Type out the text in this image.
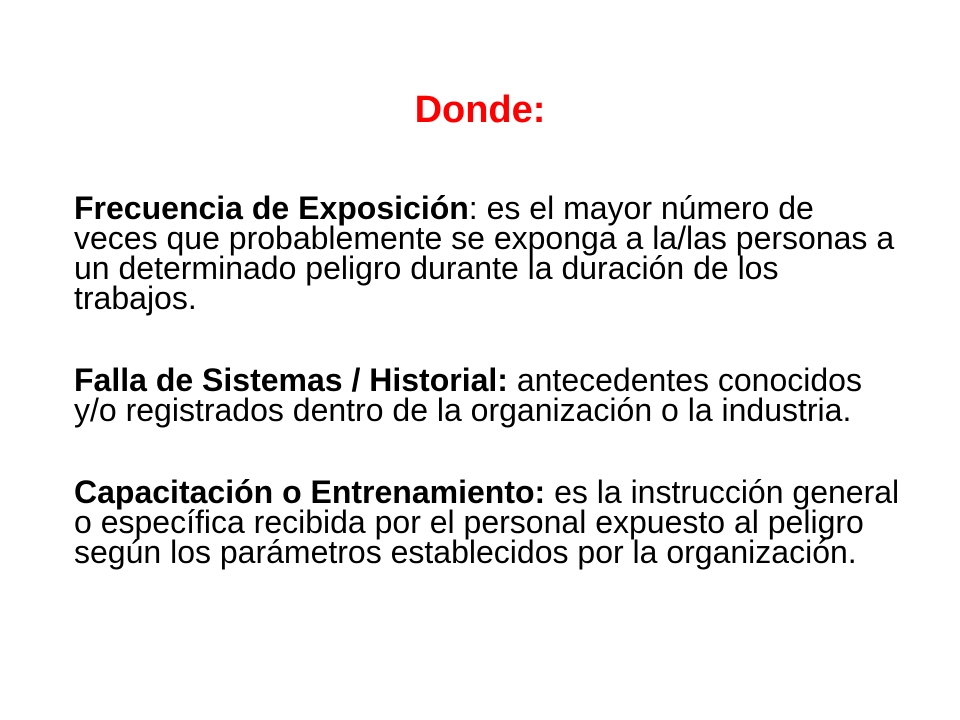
Donde:

Frecuencia de Exposición: es el mayor número de veces que probablemente se exponga a la/las personas a un determinado peligro durante la duración de los trabajos.

Falla de Sistemas / Historial: antecedentes conocidos y/o registrados dentro de la organización o la industria.

Capacitación o Entrenamiento: es la instrucción general o específica recibida por el personal expuesto al peligro según los parámetros establecidos por la organización.
